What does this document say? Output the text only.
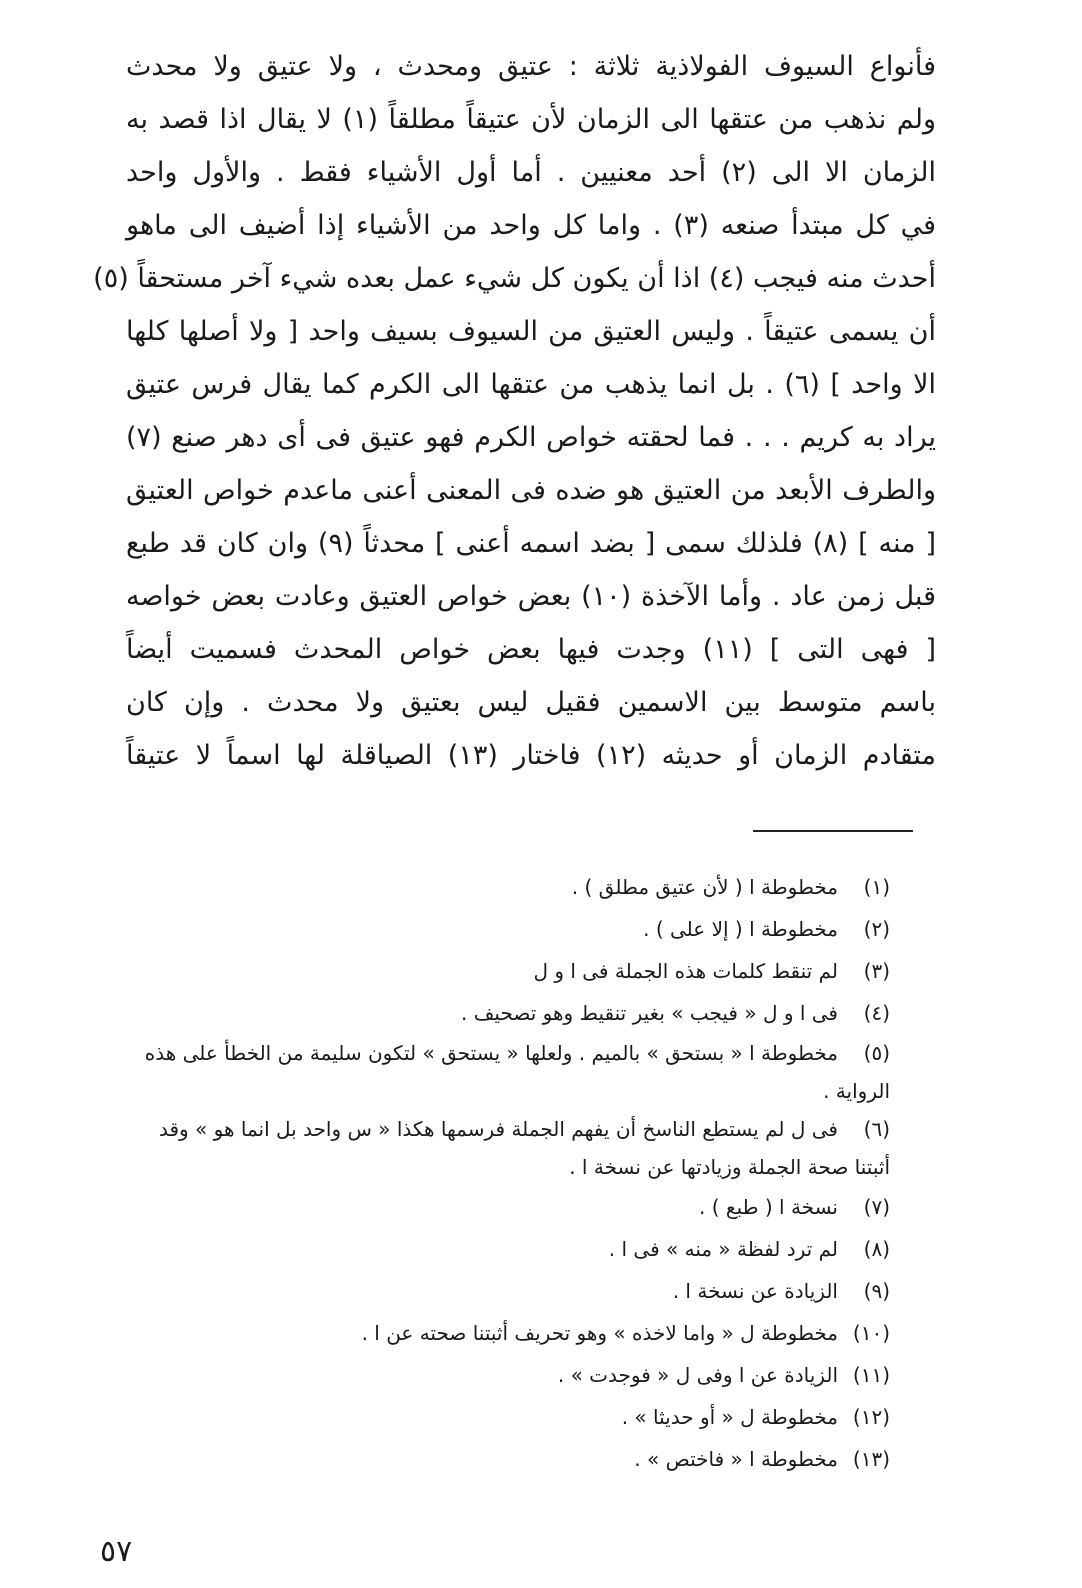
فأنواع السيوف الفولاذية ثلاثة : عتيق ومحدث ، ولا عتيق ولا محدث
ولم نذهب من عتقها الى الزمان لأن عتيقاً مطلقاً (١) لا يقال اذا قصد به
الزمان الا الى (٢) أحد معنيين . أما أول الأشياء فقط . والأول واحد
في كل مبتدأ صنعه (٣) . واما كل واحد من الأشياء إذا أضيف الى ماهو
أحدث منه فيجب (٤) اذا أن يكون كل شيء عمل بعده شيء آخر مستحقاً (٥)
أن يسمى عتيقاً . وليس العتيق من السيوف بسيف واحد [ ولا أصلها كلها
الا واحد ] (٦) . بل انما يذهب من عتقها الى الكرم كما يقال فرس عتيق
يراد به كريم . . . فما لحقته خواص الكرم فهو عتيق فى أى دهر صنع (٧)
والطرف الأبعد من العتيق هو ضده فى المعنى أعنى ماعدم خواص العتيق
[ منه ] (٨) فلذلك سمى [ بضد اسمه أعنى ] محدثاً (٩) وان كان قد طبع
قبل زمن عاد . وأما الآخذة (١٠) بعض خواص العتيق وعادت بعض خواصه
[ فهى التى ] (١١) وجدت فيها بعض خواص المحدث فسميت أيضاً
باسم متوسط بين الاسمين فقيل ليس بعتيق ولا محدث . وإن كان
متقادم الزمان أو حديثه (١٢) فاختار (١٣) الصياقلة لها اسماً لا عتيقاً
(١)مخطوطة ا ( لأن عتيق مطلق ) .
(٢)مخطوطة ا ( إلا على ) .
(٣)لم تنقط كلمات هذه الجملة فى ا و ل
(٤)فى ا و ل « فيجب » بغير تنقيط وهو تصحيف .
(٥)مخطوطة ا « بستحق » بالميم . ولعلها « يستحق » لتكون سليمة من الخطأ على هذه الرواية .
(٦)فى ل لم يستطع الناسخ أن يفهم الجملة فرسمها هكذا « س واحد بل انما هو » وقد أثبتنا صحة الجملة وزيادتها عن نسخة ا .
(٧)نسخة ا ( طبع ) .
(٨)لم ترد لفظة « منه » فى ا .
(٩)الزيادة عن نسخة ا .
(١٠)مخطوطة ل « واما لاخذه » وهو تحريف أثبتنا صحته عن ا .
(١١)الزيادة عن ا وفى ل « فوجدت » .
(١٢)مخطوطة ل « أو حديثا » .
(١٣)مخطوطة ا « فاختص » .
٥٧
